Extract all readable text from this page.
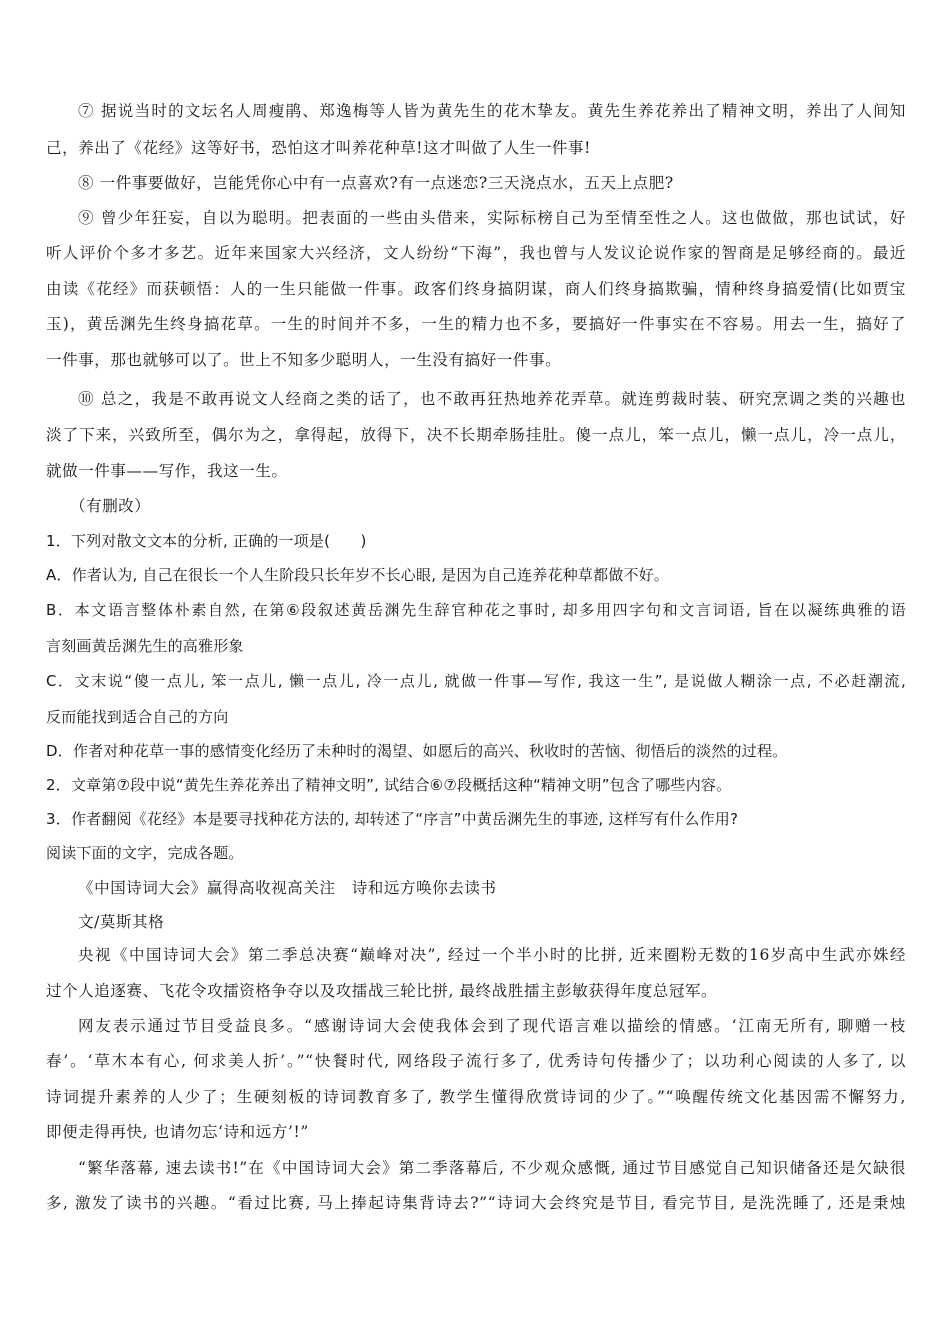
⑦ 据说当时的文坛名人周瘦鹃、郑逸梅等人皆为黄先生的花木挚友。黄先生养花养出了精神文明，养出了人间知
己，养出了《花经》这等好书，恐怕这才叫养花种草!这才叫做了人生一件事!
⑧ 一件事要做好，岂能凭你心中有一点喜欢?有一点迷恋?三天浇点水，五天上点肥?
⑨ 曾少年狂妄，自以为聪明。把表面的一些由头借来，实际标榜自己为至情至性之人。这也做做，那也试试，好
听人评价个多才多艺。近年来国家大兴经济，文人纷纷“下海”，我也曾与人发议论说作家的智商是足够经商的。最近
由读《花经》而获顿悟：人的一生只能做一件事。政客们终身搞阴谋，商人们终身搞欺骗，情种终身搞爱情(比如贾宝
玉)，黄岳渊先生终身搞花草。一生的时间并不多，一生的精力也不多，要搞好一件事实在不容易。用去一生，搞好了
一件事，那也就够可以了。世上不知多少聪明人，一生没有搞好一件事。
⑩ 总之，我是不敢再说文人经商之类的话了，也不敢再狂热地养花弄草。就连剪裁时装、研究烹调之类的兴趣也
淡了下来，兴致所至，偶尔为之，拿得起，放得下，决不长期牵肠挂肚。傻一点儿，笨一点儿，懒一点儿，冷一点儿，
就做一件事——写作，我这一生。
（有删改）
1．下列对散文文本的分析, 正确的一项是(　　)
A．作者认为, 自己在很长一个人生阶段只长年岁不长心眼, 是因为自己连养花种草都做不好。
B．本文语言整体朴素自然, 在第⑥段叙述黄岳渊先生辞官种花之事时, 却多用四字句和文言词语, 旨在以凝练典雅的语
言刻画黄岳渊先生的高雅形象
C．文末说“傻一点儿, 笨一点儿, 懒一点儿, 冷一点儿, 就做一件事—写作, 我这一生”, 是说做人糊涂一点, 不必赶潮流,
反而能找到适合自己的方向
D．作者对种花草一事的感情变化经历了未种时的渴望、如愿后的高兴、秋收时的苦恼、彻悟后的淡然的过程。
2．文章第⑦段中说“黄先生养花养出了精神文明”, 试结合⑥⑦段概括这种“精神文明”包含了哪些内容。
3．作者翻阅《花经》本是要寻找种花方法的, 却转述了“序言”中黄岳渊先生的事迹, 这样写有什么作用?
阅读下面的文字，完成各题。
《中国诗词大会》赢得高收视高关注　诗和远方唤你去读书
文/莫斯其格
央视《中国诗词大会》第二季总决赛“巅峰对决”, 经过一个半小时的比拼, 近来圈粉无数的16岁高中生武亦姝经
过个人追逐赛、飞花令攻擂资格争夺以及攻擂战三轮比拼, 最终战胜擂主彭敏获得年度总冠军。
网友表示通过节目受益良多。“感谢诗词大会使我体会到了现代语言难以描绘的情感。‘江南无所有, 聊赠一枝
春’。‘草木本有心, 何求美人折’。”“快餐时代, 网络段子流行多了, 优秀诗句传播少了；以功利心阅读的人多了, 以
诗词提升素养的人少了；生硬刻板的诗词教育多了, 教学生懂得欣赏诗词的少了。”“唤醒传统文化基因需不懈努力,
即便走得再快, 也请勿忘‘诗和远方’!”
“繁华落幕, 速去读书!”在《中国诗词大会》第二季落幕后, 不少观众感慨, 通过节目感觉自己知识储备还是欠缺很
多, 激发了读书的兴趣。“看过比赛, 马上捧起诗集背诗去?”“诗词大会终究是节目, 看完节目, 是洗洗睡了, 还是秉烛
